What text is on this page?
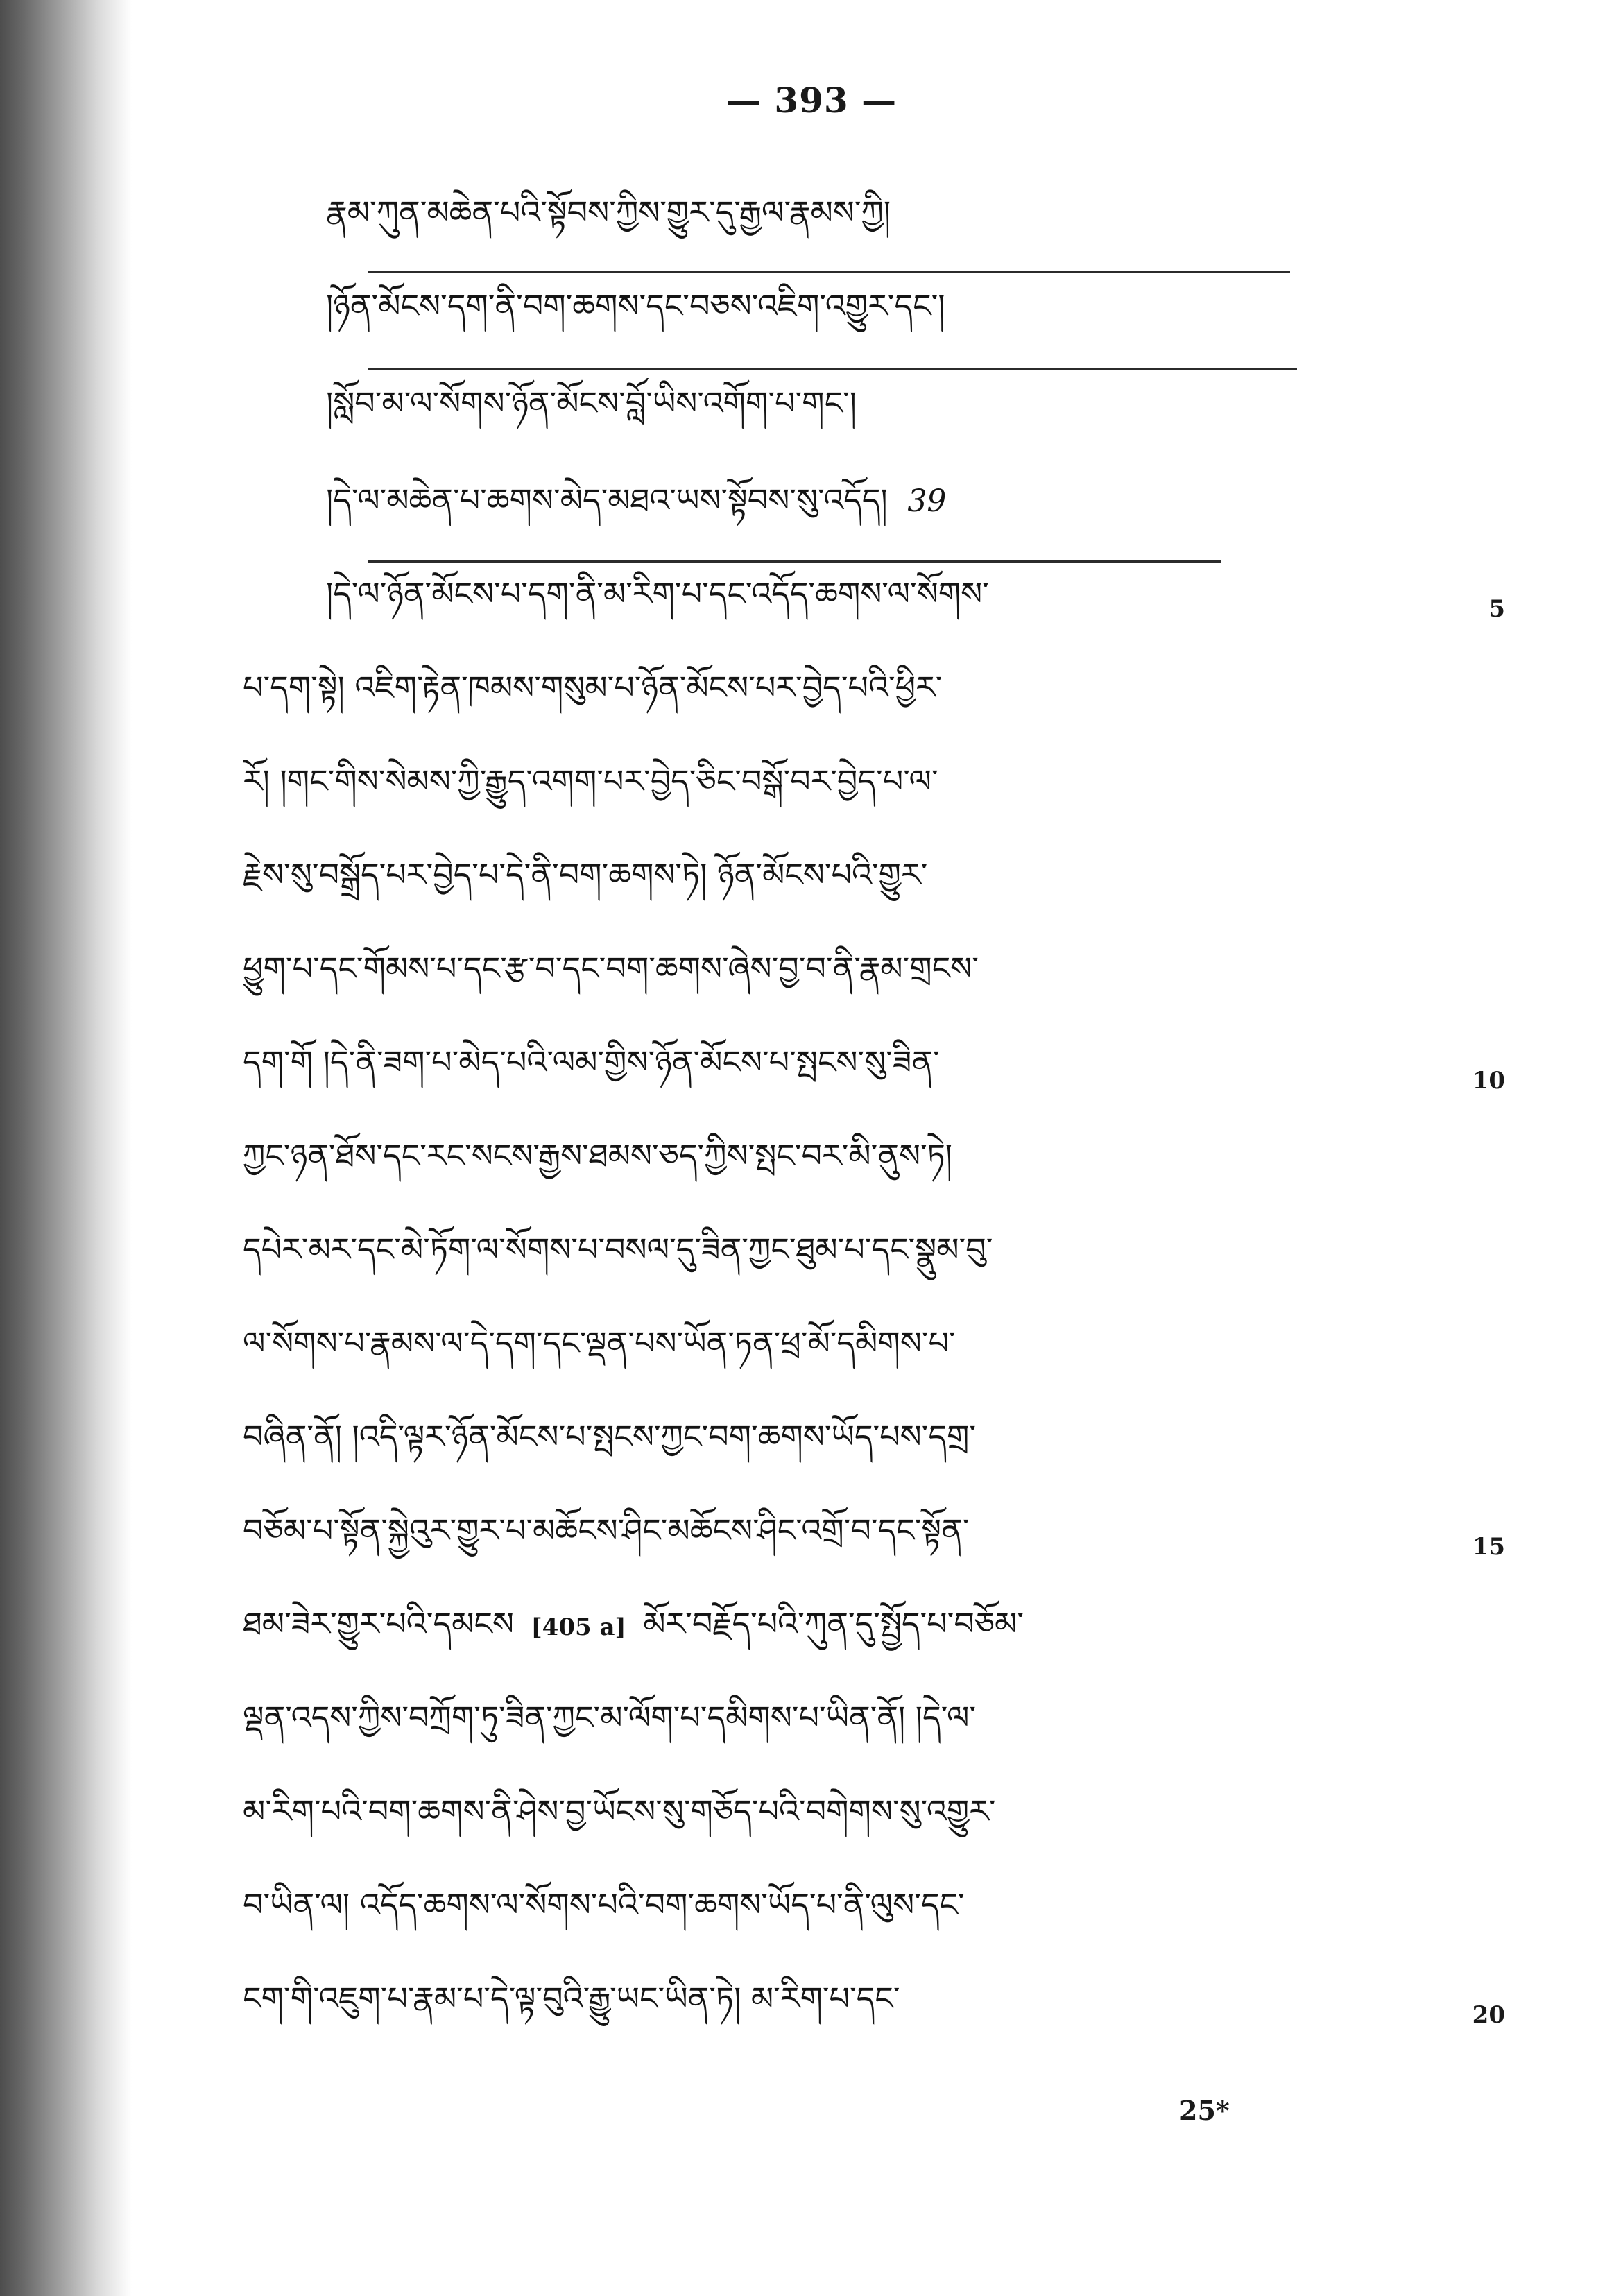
— 393 —
རྣམ་ཀུན་མཆེན་པའི་སྟོབས་ཀྱིས་གྱུར་དུ་རྒྱལ་རྣམས་ཀྱི།
།ཉོན་མོངས་དག་ནི་བག་ཆགས་དང་བཅས་འཇིག་འགྱུར་དང་།
།སློབ་མ་ལ་སོགས་ཉོན་མོངས་བློ་ཡིས་འགོག་པ་གང་།
།དེ་ལ་མཆེན་པ་ཆགས་མེད་མཐའ་ཡས་སྟོབས་སུ་འདོད། 39
།དེ་ལ་ཉོན་མོངས་པ་དག་ནི་མ་རིག་པ་དང་འདོད་ཆགས་ལ་སོགས་	5
པ་དག་སྟེ། འཇིག་རྟེན་ཁམས་གསུམ་པ་ཉོན་མོངས་པར་བྱེད་པའི་ཕྱིར་
རོ། །གང་གིས་སེམས་ཀྱི་རྒྱུད་འགག་པར་བྱེད་ཅིང་བསྒོ་བར་བྱེད་པ་ལ་
རྗེས་སུ་བསྒྲོད་པར་བྱེད་པ་དེ་ནི་བག་ཆགས་ཏེ། ཉོན་མོངས་པའི་གྱུར་
ཕྱུག་པ་དང་གོམས་པ་དང་རྩ་བ་དང་བག་ཆགས་ཞེས་བྱ་བ་ནི་རྣམ་གྲངས་
དག་གོ །དེ་ནི་ཟག་པ་མེད་པའི་ལམ་གྱིས་ཉོན་མོངས་པ་སྤངས་སུ་ཟིན་	10
ཀྱང་ཉན་ཐོས་དང་རང་སངས་རྒྱས་ཐམས་ཅད་ཀྱིས་སྤང་བར་མི་ནུས་ཏེ།
དཔེར་མར་དང་མེ་ཏོག་ལ་སོགས་པ་བསལ་དུ་ཟིན་ཀྱང་ཐུམ་པ་དང་སྣུམ་བུ་
ལ་སོགས་པ་རྣམས་ལ་དེ་དག་དང་ལྡན་པས་ཡོན་ཏན་ཕྲ་མོ་དམིགས་པ་
བཞིན་ནོ། །འདི་ལྟར་ཉོན་མོངས་པ་སྤངས་ཀྱང་བག་ཆགས་ཡོད་པས་དགྲ་
བཅོམ་པ་སྟོན་སྐྱེའུར་གྱུར་པ་མཆོངས་ཤིང་མཆོངས་ཤིང་འགྲོ་བ་དང་སྟོན་	15
ཐམ་ཟེར་གྱུར་པའི་དམངས [405 a] མོར་བརྗོད་པའི་ཀུན་དུ་སྤྱོད་པ་བཅོམ་
ལྡན་འདས་ཀྱིས་བཀྲོག་ཏུ་ཟིན་ཀྱང་མ་ལོག་པ་དམིགས་པ་ཡིན་ནོ། །དེ་ལ་
མ་རིག་པའི་བག་ཆགས་ནི་ཤེས་བྱ་ཡོངས་སུ་གཅོད་པའི་བགེགས་སུ་འགྱུར་
བ་ཡིན་ལ། འདོད་ཆགས་ལ་སོགས་པའི་བག་ཆགས་ཡོད་པ་ནི་ལུས་དང་
ངག་གི་འཇུག་པ་རྣམ་པ་དེ་ལྟ་བུའི་རྒྱུ་ཡང་ཡིན་ཏེ། མ་རིག་པ་དང་	20
25*
